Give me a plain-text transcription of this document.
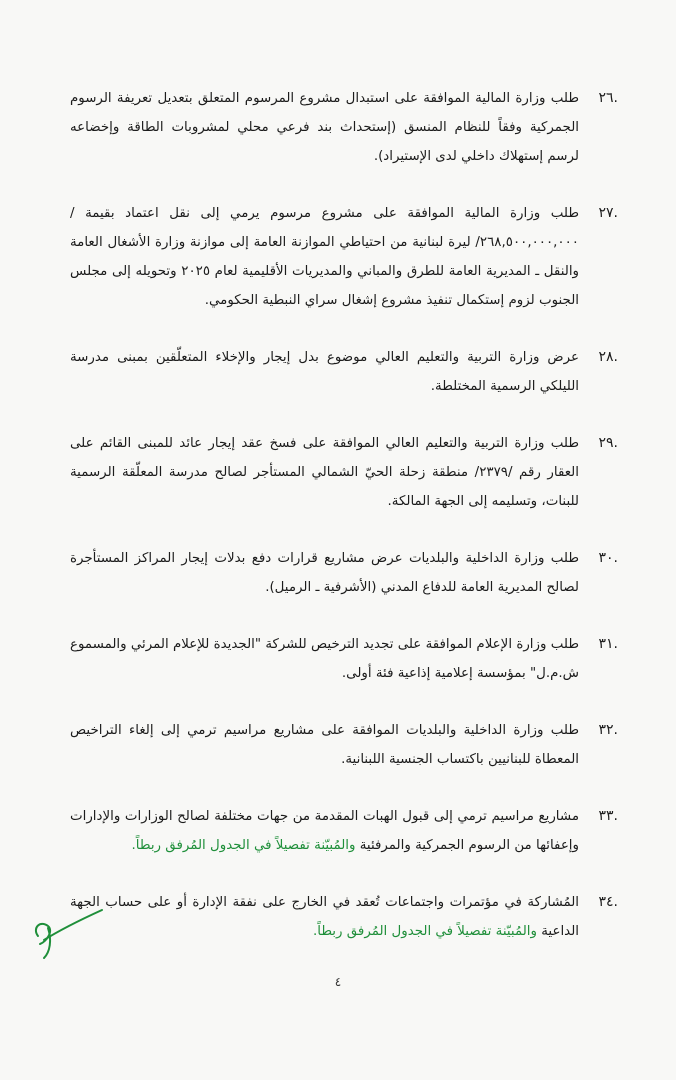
.٢٦
طلب وزارة المالية الموافقة على استبدال مشروع المرسوم المتعلق بتعديل تعريفة الرسوم الجمركية وفقاً للنظام المنسق (إستحداث بند فرعي محلي لمشروبات الطاقة وإخضاعه لرسم إستهلاك داخلي لدى الإستيراد).
.٢٧
طلب وزارة المالية الموافقة على مشروع مرسوم يرمي إلى نقل اعتماد بقيمة /٢٦٨,٥٠٠,٠٠٠,٠٠٠/ ليرة لبنانية من احتياطي الموازنة العامة إلى موازنة وزارة الأشغال العامة والنقل ـ المديرية العامة للطرق والمباني والمديريات الأقليمية لعام ٢٠٢٥ وتحويله إلى مجلس الجنوب لزوم إستكمال تنفيذ مشروع إشغال سراي النبطية الحكومي.
.٢٨
عرض وزارة التربية والتعليم العالي موضوع بدل إيجار والإخلاء المتعلّقين بمبنى مدرسة الليلكي الرسمية المختلطة.
.٢٩
طلب وزارة التربية والتعليم العالي الموافقة على فسخ عقد إيجار عائد للمبنى القائم على العقار رقم /٢٣٧٩/ منطقة زحلة الحيّ الشمالي المستأجر لصالح مدرسة المعلّقة الرسمية للبنات، وتسليمه إلى الجهة المالكة.
.٣٠
طلب وزارة الداخلية والبلديات عرض مشاريع قرارات دفع بدلات إيجار المراكز المستأجرة لصالح المديرية العامة للدفاع المدني (الأشرفية ـ الرميل).
.٣١
طلب وزارة الإعلام الموافقة على تجديد الترخيص للشركة "الجديدة للإعلام المرئي والمسموع ش.م.ل" بمؤسسة إعلامية إذاعية فئة أولى.
.٣٢
طلب وزارة الداخلية والبلديات الموافقة على مشاريع مراسيم ترمي إلى إلغاء التراخيص المعطاة للبنانيين باكتساب الجنسية اللبنانية.
.٣٣
مشاريع مراسيم ترمي إلى قبول الهبات المقدمة من جهات مختلفة لصالح الوزارات والإدارات وإعفائها من الرسوم الجمركية والمرفئية والمُبيّنة تفصيلاً في الجدول المُرفق ربطاً.
.٣٤
المُشاركة في مؤتمرات واجتماعات تُعقد في الخارج على نفقة الإدارة أو على حساب الجهة الداعية والمُبيّنة تفصيلاً في الجدول المُرفق ربطاً.
٤
